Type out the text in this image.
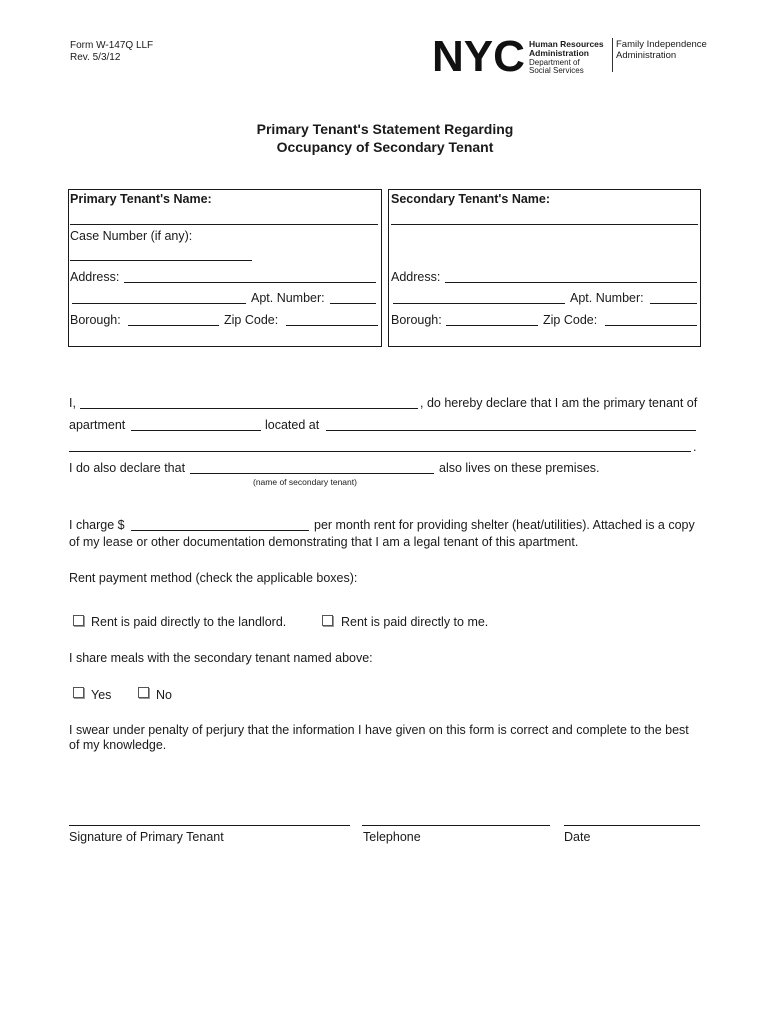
Form W-147Q LLF
Rev. 5/3/12	NYC Human Resources
Administration
Department of
Social Services
Family Independence
Administration
Primary Tenant's Statement Regarding
Occupancy of Secondary Tenant
Primary Tenant's Name:
Case Number (if any):
Address:
Apt. Number:
Borough:	Zip Code:
Secondary Tenant's Name:
Address:
Apt. Number:
Borough:	Zip Code:
I,	, do hereby declare that I am the primary tenant of
apartment	located at
.
I do also declare that	also lives on these premises.
(name of secondary tenant)
I charge $	per month rent for providing shelter (heat/utilities). Attached is a copy
of my lease or other documentation demonstrating that I am a legal tenant of this apartment.
Rent payment method (check the applicable boxes):
Rent is paid directly to the landlord.	Rent is paid directly to me.
I share meals with the secondary tenant named above:
Yes	No
I swear under penalty of perjury that the information I have given on this form is correct and complete to the best
of my knowledge.
Signature of Primary Tenant	Telephone	Date
